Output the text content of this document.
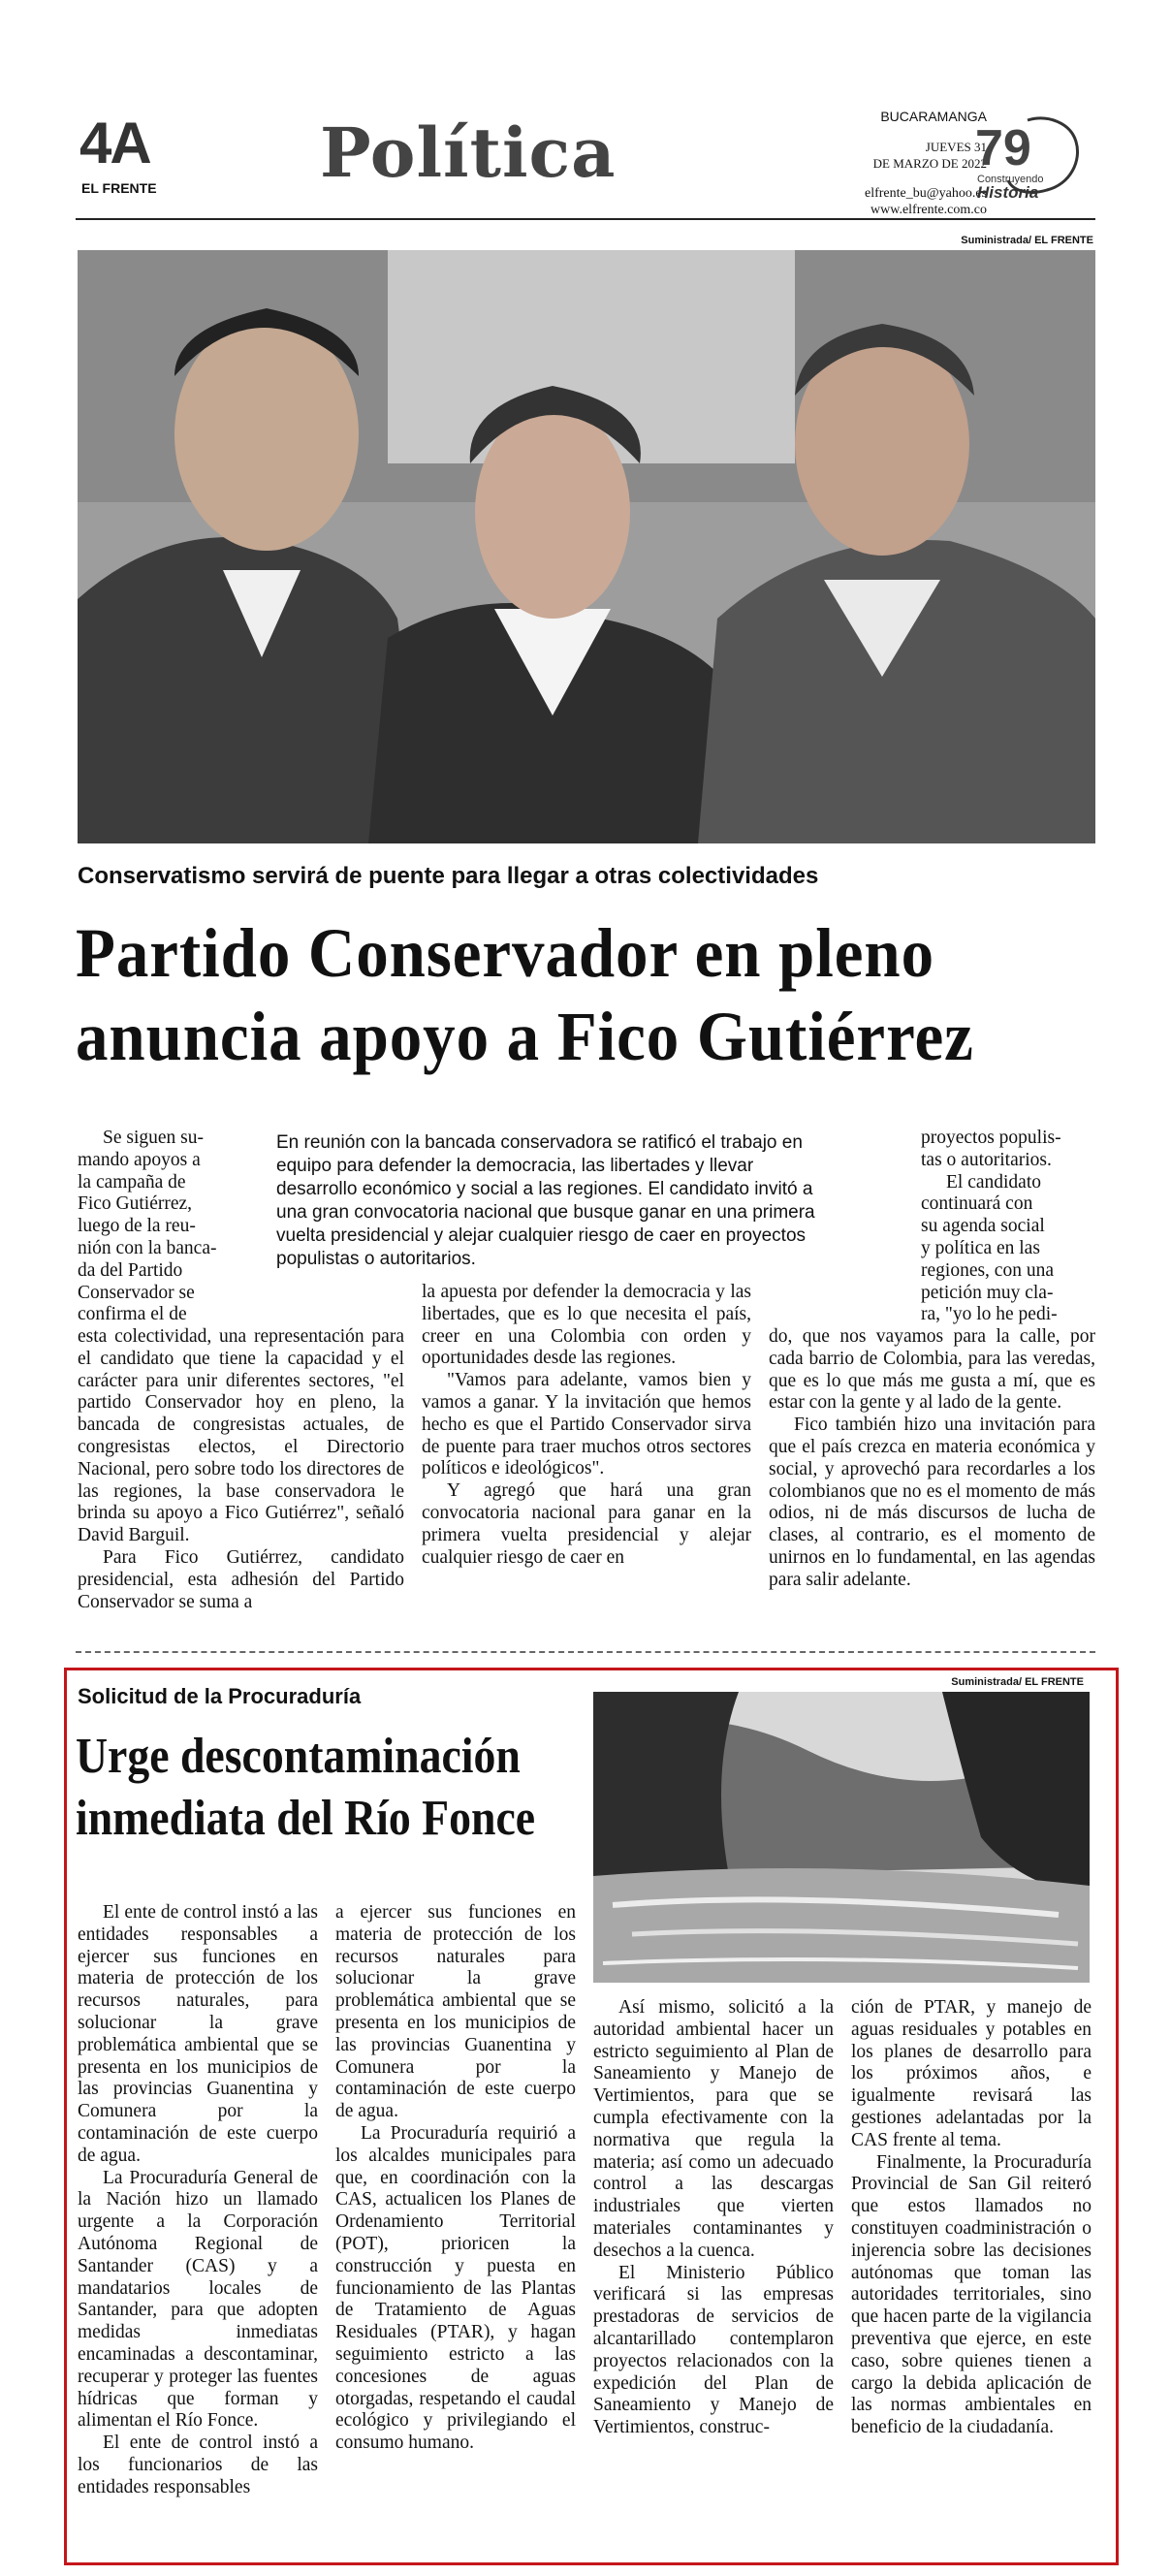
4A
EL FRENTE Política	BUCARAMANGA
JUEVES 31
DE MARZO DE 2022
elfrente_bu@yahoo.es
www.elfrente.com.co
79
Construyendo
Historia
Suministrada/ EL FRENTE
Conservatismo servirá de puente para llegar a otras colectividades
Partido Conservador en pleno
anuncia apoyo a Fico Gutiérrez
Se siguen su-
mando apoyos a
la campaña de
Fico Gutiérrez,
luego de la reu-
nión con la banca-
da del Partido
Conservador se
confirma el de

esta colectividad, una representación para el candidato que tiene la capacidad y el carácter para unir diferentes sectores, "el partido Conservador hoy en pleno, la bancada de congresistas actuales, de congresistas electos, el Directorio Nacional, pero sobre todo los directores de las regiones, la base conservadora le brinda su apoyo a Fico Gutiérrez", señaló David Barguil.

Para Fico Gutiérrez, candidato presidencial, esta adhesión del Partido Conservador se suma a

En reunión con la bancada conservadora se ratificó el trabajo en equipo para defender la democracia, las libertades y llevar desarrollo económico y social a las regiones. El candidato invitó a una gran convocatoria nacional que busque ganar en una primera vuelta presidencial y alejar cualquier riesgo de caer en proyectos populistas o autoritarios.

la apuesta por defender la democracia y las libertades, que es lo que necesita el país, creer en una Colombia con orden y oportunidades desde las regiones.

"Vamos para adelante, vamos bien y vamos a ganar. Y la invitación que hemos hecho es que el Partido Conservador sirva de puente para traer muchos otros sectores políticos e ideológicos".

Y agregó que hará una gran convocatoria nacional para ganar en la primera vuelta presidencial y alejar cualquier riesgo de caer en

proyectos populis-
tas o autoritarios.
El candidato
continuará con
su agenda social
y política en las
regiones, con una
petición muy cla-
ra, "yo lo he pedi-

do, que nos vayamos para la calle, por cada barrio de Colombia, para las veredas, que es lo que más me gusta a mí, que es estar con la gente y al lado de la gente.

Fico también hizo una invitación para que el país crezca en materia económica y social, y aprovechó para recordarles a los colombianos que no es el momento de más odios, ni de más discursos de lucha de clases, al contrario, es el momento de unirnos en lo fundamental, en las agendas para salir adelante.

Solicitud de la Procuraduría
Urge descontaminación
inmediata del Río Fonce
Suministrada/ EL FRENTE

El ente de control instó a las entidades responsables a ejercer sus funciones en materia de protección de los recursos naturales, para solucionar la grave problemática ambiental que se presenta en los municipios de las provincias Guanentina y Comunera por la contaminación de este cuerpo de agua.

La Procuraduría General de la Nación hizo un llamado urgente a la Corporación Autónoma Regional de Santander (CAS) y a mandatarios locales de Santander, para que adopten medidas inmediatas encaminadas a descontaminar, recuperar y proteger las fuentes hídricas que forman y alimentan el Río Fonce.

El ente de control instó a los funcionarios de las entidades responsables

a ejercer sus funciones en materia de protección de los recursos naturales para solucionar la grave problemática ambiental que se presenta en los municipios de las provincias Guanentina y Comunera por la contaminación de este cuerpo de agua.

La Procuraduría requirió a los alcaldes municipales para que, en coordinación con la CAS, actualicen los Planes de Ordenamiento Territorial (POT), prioricen la construcción y puesta en funcionamiento de las Plantas de Tratamiento de Aguas Residuales (PTAR), y hagan seguimiento estricto a las concesiones de aguas otorgadas, respetando el caudal ecológico y privilegiando el consumo humano.

Así mismo, solicitó a la autoridad ambiental hacer un estricto seguimiento al Plan de Saneamiento y Manejo de Vertimientos, para que se cumpla efectivamente con la normativa que regula la materia; así como un adecuado control a las descargas industriales que vierten materiales contaminantes y desechos a la cuenca.

El Ministerio Público verificará si las empresas prestadoras de servicios de alcantarillado contemplaron proyectos relacionados con la expedición del Plan de Saneamiento y Manejo de Vertimientos, construc-

ción de PTAR, y manejo de aguas residuales y potables en los planes de desarrollo para los próximos años, e igualmente revisará las gestiones adelantadas por la CAS frente al tema.

Finalmente, la Procuraduría Provincial de San Gil reiteró que estos llamados no constituyen coadministración o injerencia sobre las decisiones autónomas que toman las autoridades territoriales, sino que hacen parte de la vigilancia preventiva que ejerce, en este caso, sobre quienes tienen a cargo la debida aplicación de las normas ambientales en beneficio de la ciudadanía.
